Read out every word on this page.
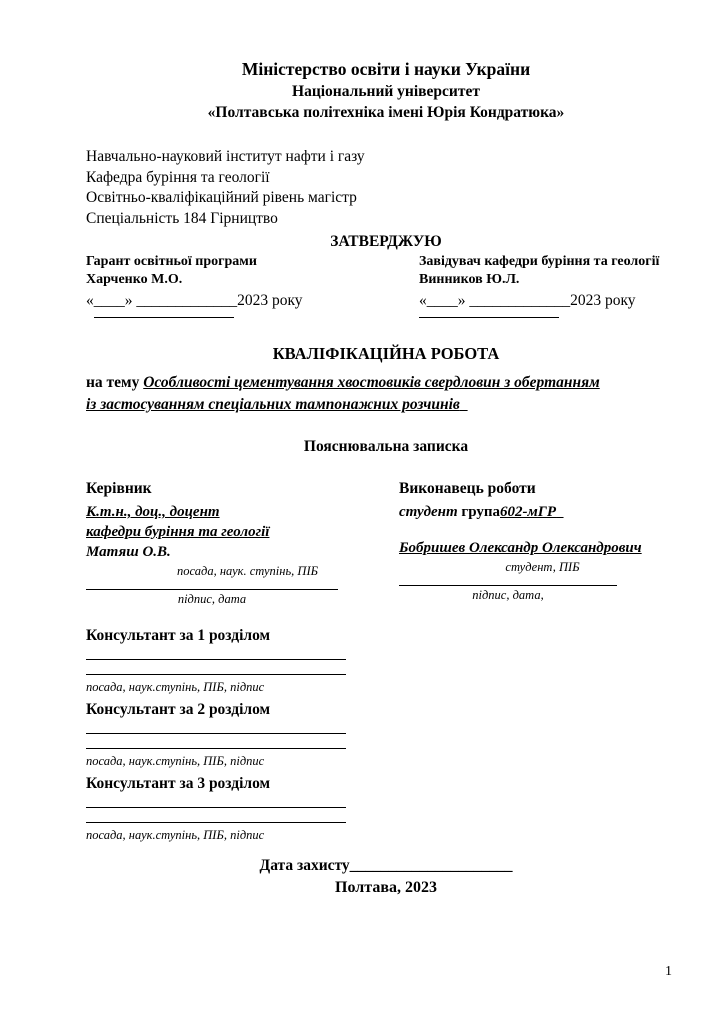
Міністерство освіти і науки України
Національний університет
«Полтавська політехніка імені Юрія Кондратюка»
Навчально-науковий інститут нафти і газу
Кафедра буріння та геології
Освітньо-кваліфікаційний рівень магістр
Спеціальність 184 Гірництво
ЗАТВЕРДЖУЮ
Гарант освітньої програми
Харченко М.О.
«____» _____________2023 року
Завідувач кафедри буріння та геології
Винников Ю.Л.
«____» _____________2023 року
КВАЛІФІКАЦІЙНА РОБОТА
на тему Особливості цементування хвостовиків свердловин з обертанням
із застосуванням спеціальних тампонажних розчинів
Пояснювальна записка
Керівник
К.т.н., доц., доцент
кафедри буріння та геології
Матяш О.В.
посада, наук. ступінь, ПІБ
підпис, дата
Виконавець роботи
студент група602-мГР
Бобришев Олександр Олександрович
студент, ПІБ
підпис, дата,
Консультант за 1 розділом
посада, наук.ступінь, ПІБ, підпис
Консультант за 2 розділом
посада, наук.ступінь, ПІБ, підпис
Консультант за 3 розділом
посада, наук.ступінь, ПІБ, підпис
Дата захисту_____________________
Полтава, 2023
1
